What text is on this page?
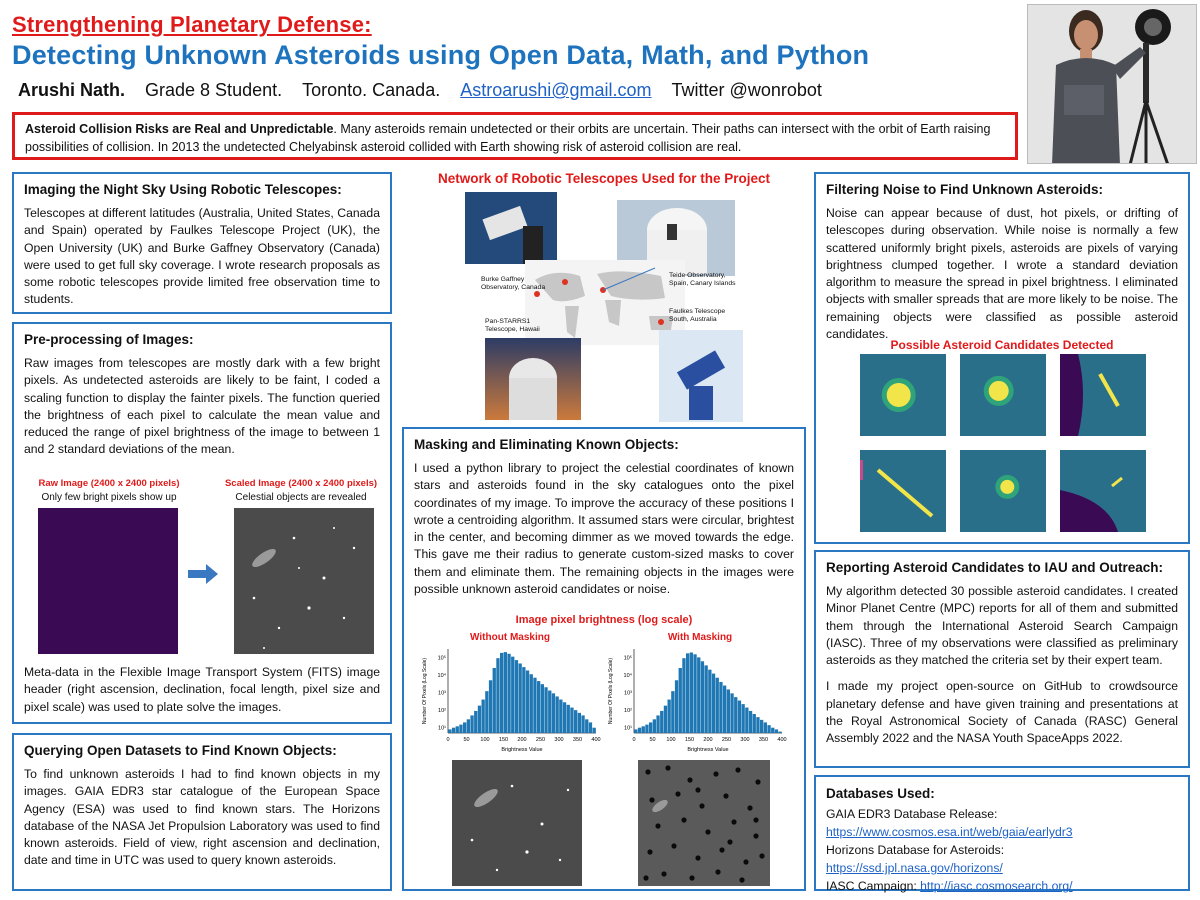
Strengthening Planetary Defense:
Detecting Unknown Asteroids using Open Data, Math, and Python
Arushi Nath. Grade 8 Student. Toronto. Canada. Astroarushi@gmail.com Twitter @wonrobot
Asteroid Collision Risks are Real and Unpredictable. Many asteroids remain undetected or their orbits are uncertain. Their paths can intersect with the orbit of Earth raising possibilities of collision. In 2013 the undetected Chelyabinsk asteroid collided with Earth showing risk of asteroid collision are real.
Imaging the Night Sky Using Robotic Telescopes:

Telescopes at different latitudes (Australia, United States, Canada and Spain) operated by Faulkes Telescope Project (UK), the Open University (UK) and Burke Gaffney Observatory (Canada) were used to get full sky coverage. I wrote research proposals as some robotic telescopes provide limited free observation time to students.

Pre-processing of Images:

Raw images from telescopes are mostly dark with a few bright pixels. As undetected asteroids are likely to be faint, I coded a scaling function to display the fainter pixels. The function queried the brightness of each pixel to calculate the mean value and reduced the range of pixel brightness of the image to between 1 and 2 standard deviations of the mean.

Meta-data in the Flexible Image Transport System (FITS) image header (right ascension, declination, focal length, pixel size and pixel scale) was used to plate solve the images.

Raw Image (2400 x 2400 pixels)
Only few bright pixels show up
Scaled Image (2400 x 2400 pixels)
Celestial objects are revealed
Querying Open Datasets to Find Known Objects:

To find unknown asteroids I had to find known objects in my images. GAIA EDR3 star catalogue of the European Space Agency (ESA) was used to find known stars. The Horizons database of the NASA Jet Propulsion Laboratory was used to find known asteroids. Field of view, right ascension and declination, date and time in UTC was used to query known asteroids.

Network of Robotic Telescopes Used for the Project
Burke Gaffney Observatory, Canada
Teide Observatory, Spain, Canary Islands
Pan-STARRS1 Telescope, Hawaii
Faulkes Telescope South, Australia
Masking and Eliminating Known Objects:

I used a python library to project the celestial coordinates of known stars and asteroids found in the sky catalogues onto the pixel coordinates of my image. To improve the accuracy of these positions I wrote a centroiding algorithm. It assumed stars were circular, brightest in the center, and becoming dimmer as we moved towards the edge. This gave me their radius to generate custom-sized masks to cover them and eliminate them. The remaining objects in the images were possible unknown asteroid candidates or noise.

Image pixel brightness (log scale)
Without Masking	With Masking
0	50 100 150 200 250 300 350 400
10¹
10²
10³
10⁴
10⁵
Brightness Value
Number Of Pixels (Log Scale)
0	50 100 150 200 250 300 350 400
10¹
10²
10³
10⁴
10⁵
Brightness Value
Number Of Pixels (Log Scale)
Filtering Noise to Find Unknown Asteroids:

Noise can appear because of dust, hot pixels, or drifting of telescopes during observation. While noise is normally a few scattered uniformly bright pixels, asteroids are pixels of varying brightness clumped together. I wrote a standard deviation algorithm to measure the spread in pixel brightness. I eliminated objects with smaller spreads that are more likely to be noise. The remaining objects were classified as possible asteroid candidates.

Possible Asteroid Candidates Detected
Reporting Asteroid Candidates to IAU and Outreach:

My algorithm detected 30 possible asteroid candidates. I created Minor Planet Centre (MPC) reports for all of them and submitted them through the International Asteroid Search Campaign (IASC). Three of my observations were classified as preliminary asteroids as they matched the criteria set by their expert team.

I made my project open-source on GitHub to crowdsource planetary defense and have given training and presentations at the Royal Astronomical Society of Canada (RASC) General Assembly 2022 and the NASA Youth SpaceApps 2022.

Databases Used:
GAIA EDR3 Database Release:
https://www.cosmos.esa.int/web/gaia/earlydr3
Horizons Database for Asteroids:
https://ssd.jpl.nasa.gov/horizons/
IASC Campaign: http://iasc.cosmosearch.org/
